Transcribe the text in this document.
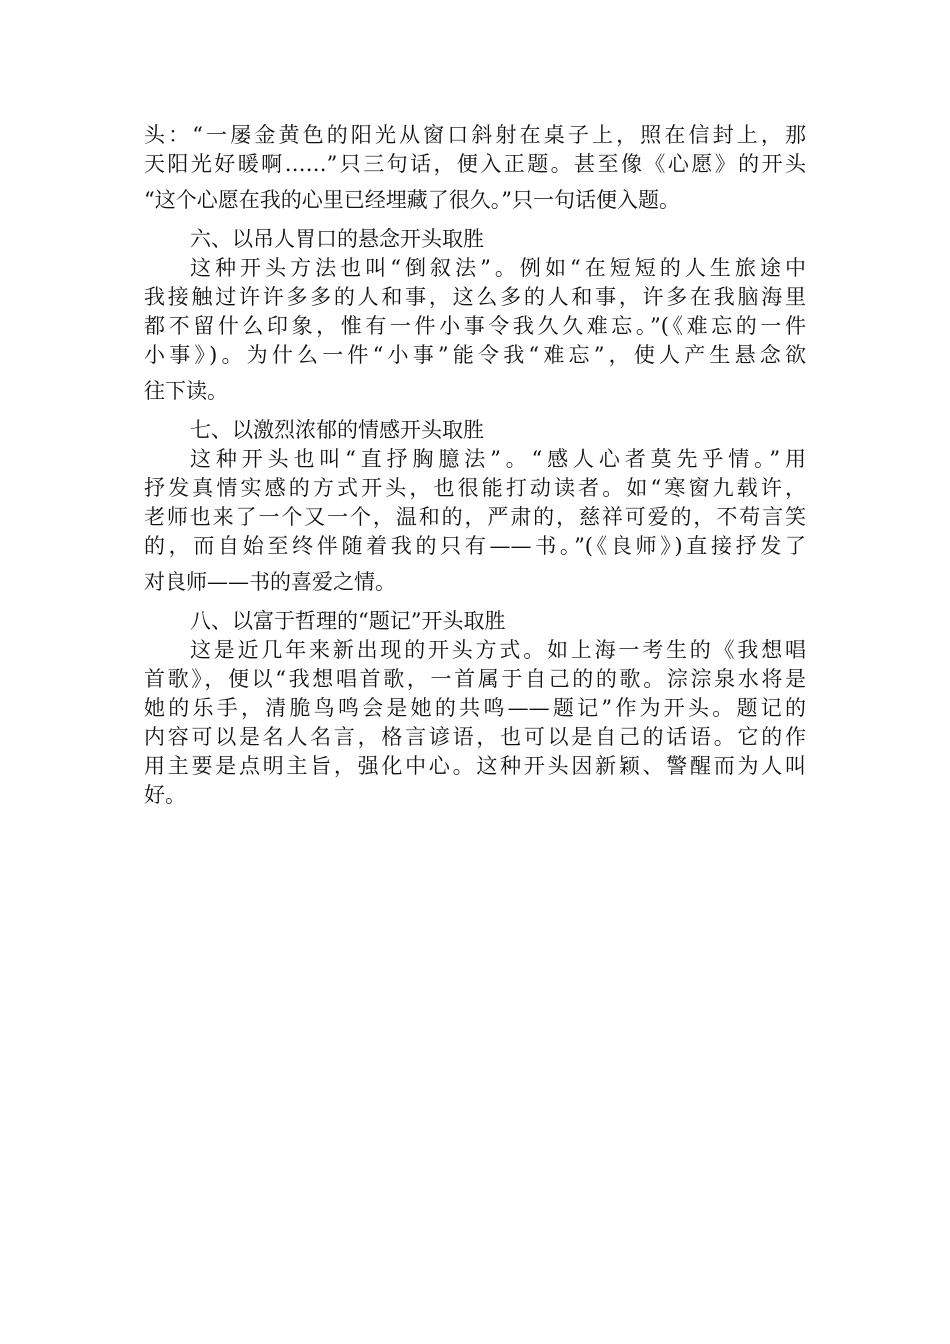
头：“一屡金黄色的阳光从窗口斜射在桌子上，照在信封上，那
天阳光好暖啊……”只三句话，便入正题。甚至像《心愿》的开头
“这个心愿在我的心里已经埋藏了很久。”只一句话便入题。
六、以吊人胃口的悬念开头取胜
这种开头方法也叫“倒叙法”。例如“在短短的人生旅途中
我接触过许许多多的人和事，这么多的人和事，许多在我脑海里
都不留什么印象，惟有一件小事令我久久难忘。”(《难忘的一件
小事》)。为什么一件“小事”能令我“难忘”，使人产生悬念欲
往下读。
七、以激烈浓郁的情感开头取胜
这种开头也叫“直抒胸臆法”。“感人心者莫先乎情。”用
抒发真情实感的方式开头，也很能打动读者。如“寒窗九载许，
老师也来了一个又一个，温和的，严肃的，慈祥可爱的，不苟言笑
的，而自始至终伴随着我的只有——书。”(《良师》)直接抒发了
对良师——书的喜爱之情。
八、以富于哲理的“题记”开头取胜
这是近几年来新出现的开头方式。如上海一考生的《我想唱
首歌》，便以“我想唱首歌，一首属于自己的的歌。淙淙泉水将是
她的乐手，清脆鸟鸣会是她的共鸣——题记”作为开头。题记的
内容可以是名人名言，格言谚语，也可以是自己的话语。它的作
用主要是点明主旨，强化中心。这种开头因新颖、警醒而为人叫
好。
